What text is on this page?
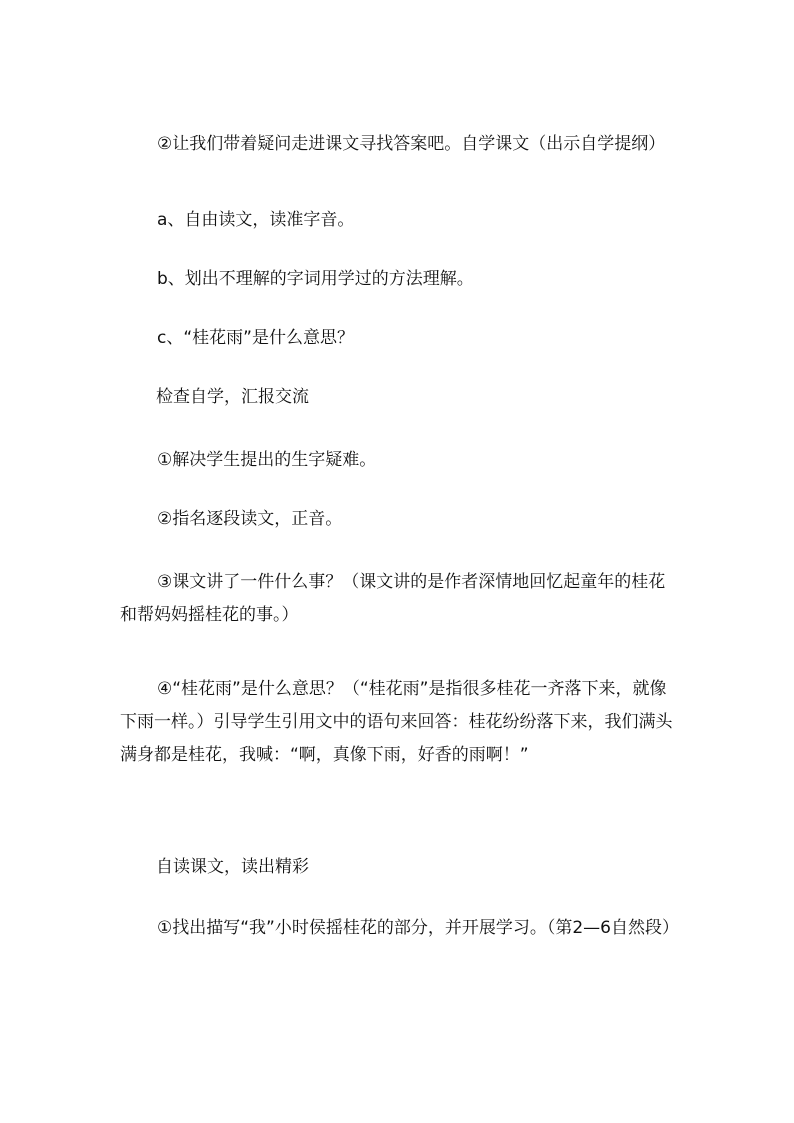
②让我们带着疑问走进课文寻找答案吧。自学课文（出示自学提纲）

a、自由读文，读准字音。

b、划出不理解的字词用学过的方法理解。

c、“桂花雨”是什么意思？

检查自学，汇报交流

①解决学生提出的生字疑难。

②指名逐段读文，正音。

③课文讲了一件什么事？（课文讲的是作者深情地回忆起童年的桂花和帮妈妈摇桂花的事。）

④“桂花雨”是什么意思？（“桂花雨”是指很多桂花一齐落下来，就像下雨一样。）引导学生引用文中的语句来回答：桂花纷纷落下来，我们满头满身都是桂花，我喊：“啊，真像下雨，好香的雨啊！”

自读课文，读出精彩

①找出描写“我”小时侯摇桂花的部分，并开展学习。（第2—6自然段）
